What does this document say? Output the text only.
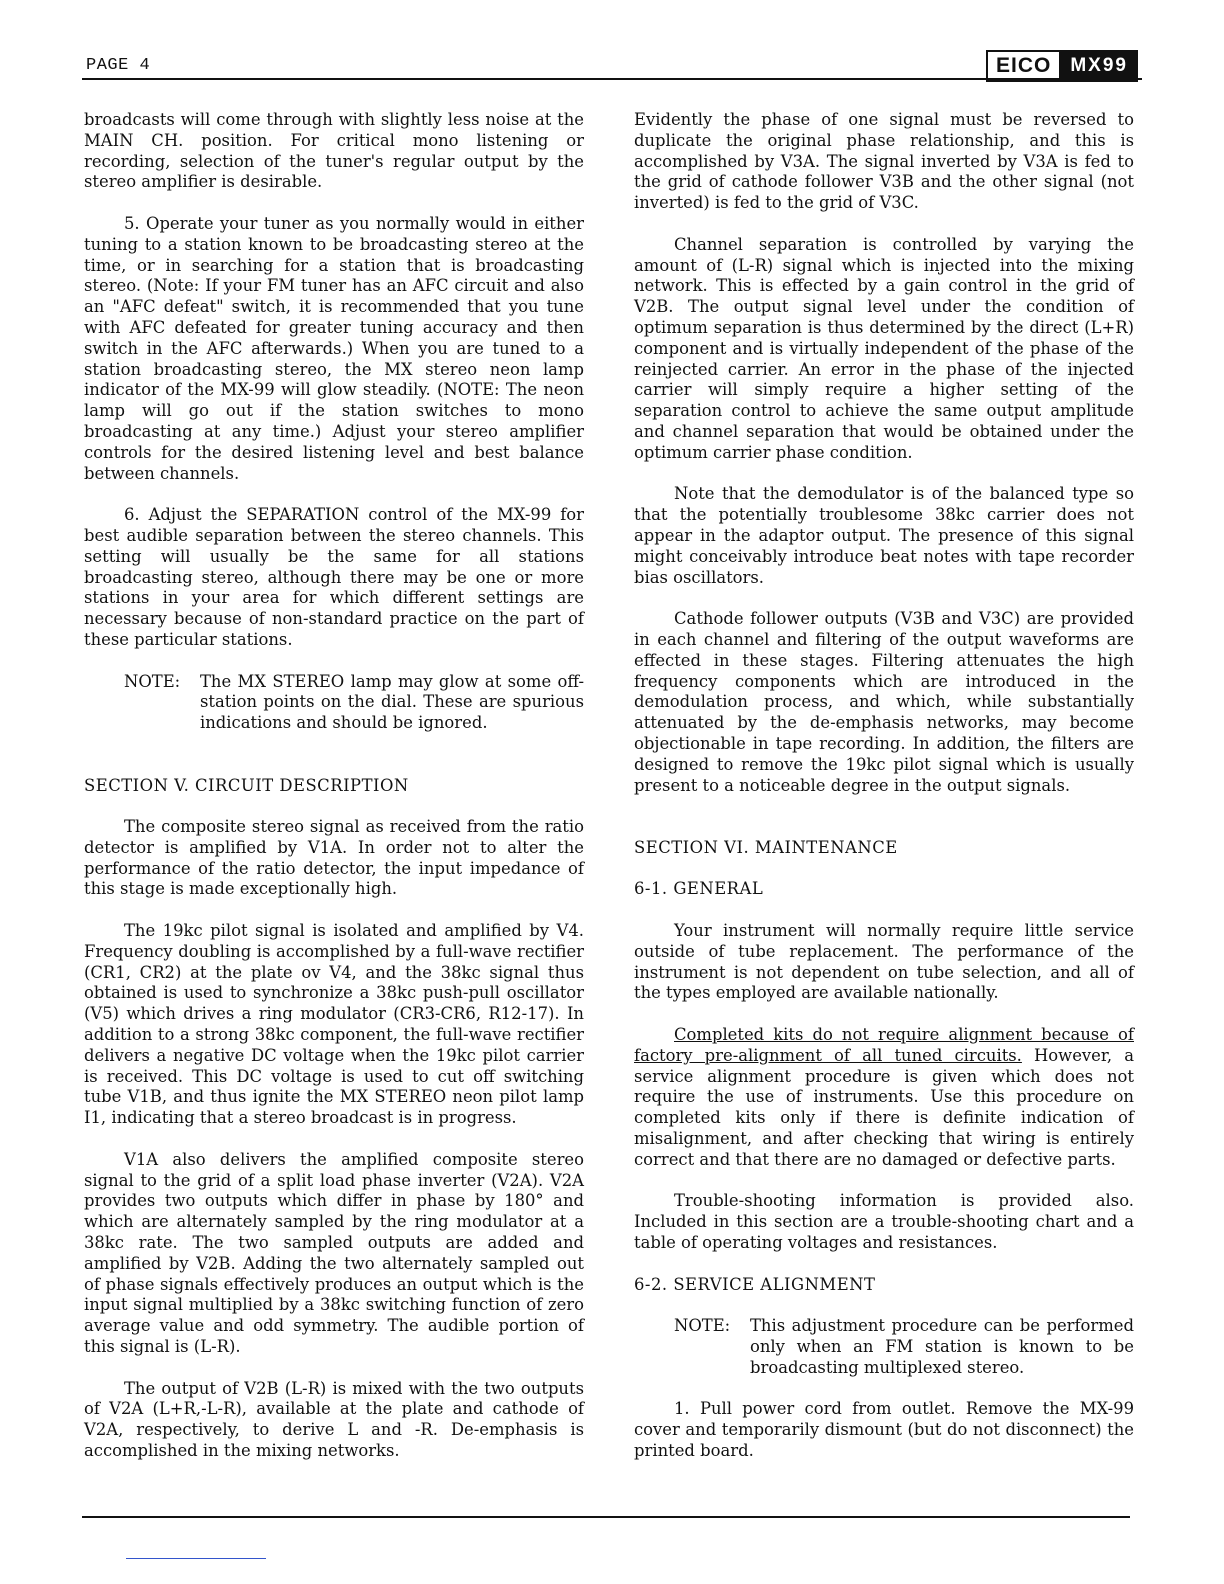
PAGE 4	EICO	MX99

broadcasts will come through with slightly less noise at the MAIN CH. position. For critical mono listening or recording, selection of the tuner's regular output by the stereo amplifier is desirable.

5. Operate your tuner as you normally would in either tuning to a station known to be broadcasting stereo at the time, or in searching for a station that is broadcasting stereo. (Note: If your FM tuner has an AFC circuit and also an "AFC defeat" switch, it is recommended that you tune with AFC defeated for greater tuning accuracy and then switch in the AFC afterwards.) When you are tuned to a station broadcasting stereo, the MX stereo neon lamp indicator of the MX-99 will glow steadily. (NOTE: The neon lamp will go out if the station switches to mono broadcasting at any time.) Adjust your stereo amplifier controls for the desired listening level and best balance between channels.

6. Adjust the SEPARATION control of the MX-99 for best audible separation between the stereo channels. This setting will usually be the same for all stations broadcasting stereo, although there may be one or more stations in your area for which different settings are necessary because of non-standard practice on the part of these particular stations.

NOTE:	The MX STEREO lamp may glow at some off-station points on the dial. These are spurious indications and should be ignored.
SECTION V. CIRCUIT DESCRIPTION

The composite stereo signal as received from the ratio detector is amplified by V1A. In order not to alter the performance of the ratio detector, the input impedance of this stage is made exceptionally high.

The 19kc pilot signal is isolated and amplified by V4. Frequency doubling is accomplished by a full-wave rectifier (CR1, CR2) at the plate ov V4, and the 38kc signal thus obtained is used to synchronize a 38kc push-pull oscillator (V5) which drives a ring modulator (CR3-CR6, R12-17). In addition to a strong 38kc component, the full-wave rectifier delivers a negative DC voltage when the 19kc pilot carrier is received. This DC voltage is used to cut off switching tube V1B, and thus ignite the MX STEREO neon pilot lamp I1, indicating that a stereo broadcast is in progress.

V1A also delivers the amplified composite stereo signal to the grid of a split load phase inverter (V2A). V2A provides two outputs which differ in phase by 180° and which are alternately sampled by the ring modulator at a 38kc rate. The two sampled outputs are added and amplified by V2B. Adding the two alternately sampled out of phase signals effectively produces an output which is the input signal multiplied by a 38kc switching function of zero average value and odd symmetry. The audible portion of this signal is (L-R).

The output of V2B (L-R) is mixed with the two outputs of V2A (L+R,-L-R), available at the plate and cathode of V2A, respectively, to derive L and -R. De-emphasis is accomplished in the mixing networks.

Evidently the phase of one signal must be reversed to duplicate the original phase relationship, and this is accomplished by V3A. The signal inverted by V3A is fed to the grid of cathode follower V3B and the other signal (not inverted) is fed to the grid of V3C.

Channel separation is controlled by varying the amount of (L-R) signal which is injected into the mixing network. This is effected by a gain control in the grid of V2B. The output signal level under the condition of optimum separation is thus determined by the direct (L+R) component and is virtually independent of the phase of the reinjected carrier. An error in the phase of the injected carrier will simply require a higher setting of the separation control to achieve the same output amplitude and channel separation that would be obtained under the optimum carrier phase condition.

Note that the demodulator is of the balanced type so that the potentially troublesome 38kc carrier does not appear in the adaptor output. The presence of this signal might conceivably introduce beat notes with tape recorder bias oscillators.

Cathode follower outputs (V3B and V3C) are provided in each channel and filtering of the output waveforms are effected in these stages. Filtering attenuates the high frequency components which are introduced in the demodulation process, and which, while substantially attenuated by the de-emphasis networks, may become objectionable in tape recording. In addition, the filters are designed to remove the 19kc pilot signal which is usually present to a noticeable degree in the output signals.

SECTION VI. MAINTENANCE
6-1. GENERAL

Your instrument will normally require little service outside of tube replacement. The performance of the instrument is not dependent on tube selection, and all of the types employed are available nationally.

Completed kits do not require alignment because of factory pre-alignment of all tuned circuits. However, a service alignment procedure is given which does not require the use of instruments. Use this procedure on completed kits only if there is definite indication of misalignment, and after checking that wiring is entirely correct and that there are no damaged or defective parts.

Trouble-shooting information is provided also. Included in this section are a trouble-shooting chart and a table of operating voltages and resistances.

6-2. SERVICE ALIGNMENT
NOTE:	This adjustment procedure can be performed only when an FM station is known to be broadcasting multiplexed stereo.

1. Pull power cord from outlet. Remove the MX-99 cover and temporarily dismount (but do not disconnect) the printed board.
